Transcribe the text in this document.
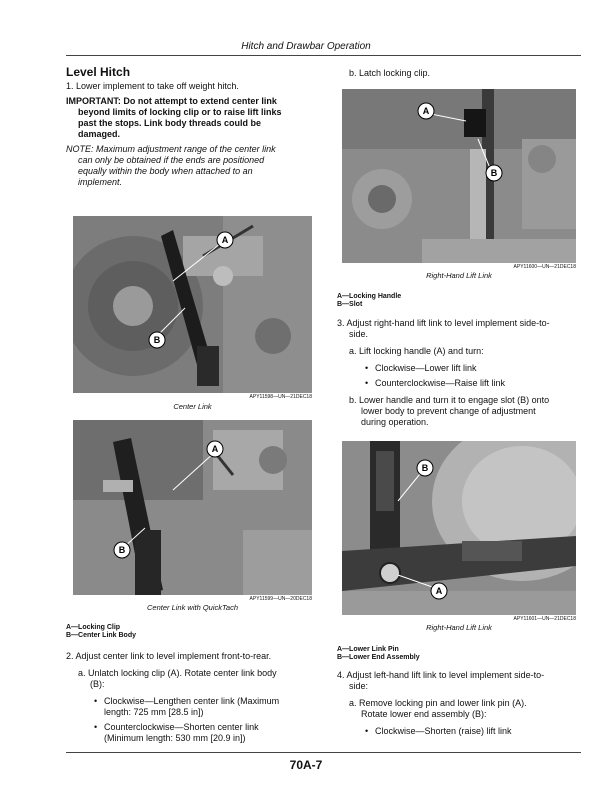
Hitch and Drawbar Operation

Level Hitch

1. Lower implement to take off weight hitch.

IMPORTANT: Do not attempt to extend center link
beyond limits of locking clip or to raise lift links
past the stops. Link body threads could be
damaged.
NOTE: Maximum adjustment range of the center link
can only be obtained if the ends are positioned
equally within the body when attached to an
implement.
A
B
APY11598—UN—21DEC18
Center Link
A
B
APY11599—UN—20DEC18
Center Link with QuickTach
A—Locking Clip
B—Center Link Body

2. Adjust center link to level implement front-to-rear.

a. Unlatch locking clip (A). Rotate center link body
(B):
• Clockwise—Lengthen center link (Maximum
length: 725 mm [28.5 in])
• Counterclockwise—Shorten center link
(Minimum length: 530 mm [20.9 in])
b. Latch locking clip.
A
B
APY11600—UN—21DEC18
Right-Hand Lift Link
A—Locking Handle
B—Slot
3. Adjust right-hand lift link to level implement side-to-
side.
a. Lift locking handle (A) and turn:
• Clockwise—Lower lift link
• Counterclockwise—Raise lift link
b. Lower handle and turn it to engage slot (B) onto
lower body to prevent change of adjustment
during operation.
B
A
APY11601—UN—21DEC18
Right-Hand Lift Link
A—Lower Link Pin
B—Lower End Assembly
4. Adjust left-hand lift link to level implement side-to-
side:
a. Remove locking pin and lower link pin (A).
Rotate lower end assembly (B):
• Clockwise—Shorten (raise) lift link
70A-7
